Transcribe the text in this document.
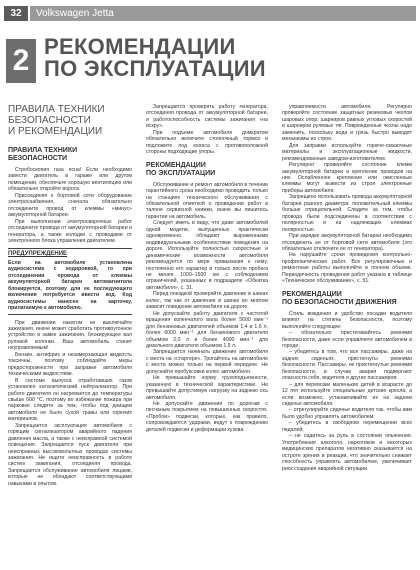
32	Volkswagen Jetta
2 РЕКОМЕНДАЦИИ
ПО ЭКСПЛУАТАЦИИ
ПРАВИЛА ТЕХНИКИ
БЕЗОПАСНОСТИ
И РЕКОМЕНДАЦИИ
ПРАВИЛА ТЕХНИКИ
БЕЗОПАСНОСТИ

Стробоскопия газа ясна! Если необходимо завести двигатель в гараже или другом помещении, обеспечьте хорошую вентиляцию или обязательно откройте ворота.

Присоединяя к бортовой сети оборудование электроснабжения, сначала обязательно отсоедините провод от клеммы «минус» аккумуляторной батареи.

При выполнении электросварочных работ отсоедините провода от аккумуляторной батареи и генератора, а также колодки с проводами от электронного блока управления двигателем.

ПРЕДУПРЕЖДЕНИЕ
Если на автомобиле установлена аудиосистема с кодировкой, то при отсоединении провода от клеммы аккумуляторной батареи автомагнитола блокируется, поэтому для ее последующего включения потребуется ввести код. Код аудиосистемы нанесен на карточку, прилагаемую к автомобилю.

При движении накатом не выключайте зажигания, иначе может сработать противоугонное устройство в замке зажигания, блокирующее вал рулевой колонки. Ваш автомобиль станет неуправляемым!

Бензин, антифриз и незамерзающая жидкость токсичны, поэтому соблюдайте меры предосторожности при заправке автомобиля техническими жидкостями.

В системе выпуска отработавших газов установлен каталитический нейтрализатор. При работе двигателя он нагревается до температуры свыше 600 °С, поэтому во избежание пожара при парковке следите за тем, чтобы под днищем автомобиля не было сухой травы или горючих материалов.

Запрещается эксплуатация автомобиля с горящим сигнализатором аварийного падения давления масла, а также с неисправной системой освещения. Запрещается пуск двигателя при неисправных высоковольтных проводах системы зажигания. Не ищите неисправность в работе систем зажигания, отсоединяя провода. Запрещается обслуживание автомобиля лицами, которые не обладают соответствующими навыками и опытом.

Запрещается проверять работу генератора, отсоединяя провода от аккумуляторной батареи, и работоспособность системы зажигания «на искру».

При подъеме автомобиля домкратом обязательно включите стояночный тормоз и подложите под колеса с противоположной стороны подходящие упоры.

РЕКОМЕНДАЦИИ
ПО ЭКСПЛУАТАЦИИ

Обслуживание и ремонт автомобиля в течение гарантийного срока необходимо проводить только на станциях технического обслуживания с обязательной отметкой о проведении работ в талоне сервисной книжки, иначе вы лишитесь гарантии на автомобиль.

Следует иметь в виду, что даже автомобилей одной модели, выпущенных практически одновременно, обладают выраженными индивидуальными особенностями поведения на дороге. Используйте полностью скоростные и динамические возможности автомобиля рекомендуется по мере привыкания к нему, постепенно его характер и только после пробега не менее 1000–1500 км с соблюдением ограничений, указанных в подразделе «Обкатка автомобиля», с. 31.

Перед поездкой проверяйте давление в шинах колес, так как от давления в шинах во многом зависит поведение автомобиля на дороге.

Не допускайте работу двигателя с частотой вращения коленчатого вала более 5600 мин⁻¹ для бензиновых двигателей объемом 1,4 и 1,6 л, более 6000 мин⁻¹ для бензинового двигателя объемом 2,0 л и более 4000 мин⁻¹ для дизельного двигателя объемом 1,9 л.

Запрещается начинать движение автомобиля с места на «стартере». Трогайтесь на автомобиле с места можно только на первой передаче. Не допускайте пробуксовки колес автомобиля.

Не превышайте норму грузоподъемности, указанную в технической характеристике. Не превышайте допустимую нагрузку на заднюю ось автомобиля.

Не допускайте движения по дорогам с песчаным покрытием на повышенных скоростях. «Пробои» подвески, которые, как правило, сопровождаются ударами, ведут к повреждению деталей подвески и деформации кузова.

управляемости автомобиля. Регулярно проверяйте состояние защитных резиновых чехлов шаровых опор, шарниров равных угловых скоростей и шарниров рулевых тяг. Поврежденные чехлы надо заменить, поскольку вода и грязь быстро выводят механизмы из строя.

Для заправки используйте горюче-смазочные материалы и эксплуатационные жидкости, рекомендованные заводом-изготовителем.

Регулярно проверяйте состояние клемм аккумуляторной батареи и крепление проводов на них. Ослабленное крепление или окисленные клеммы могут вывести из строя электронные приборы автомобиля.

Запрещено использовать провода аккумуляторной батареи разного диаметра: положительный клеммы больше отрицательной. Следите за тем, чтобы провода были подсоединены в соответствии с полярностью и на надлежащих клеммах полярностью.

При зарядке аккумуляторной батареи необходимо отсоединить ее от бортовой сети автомобиля (это обязательно отключите ее от генератора).

На нарушайте сроки проведения контрольно-профилактических работ. Все регулировочные и ремонтные работы выполняйте в полном объеме. Периодичность проведения работ указана в таблице «Техническое обслуживание», с. 51.

РЕКОМЕНДАЦИИ
ПО БЕЗОПАСНОСТИ ДВИЖЕНИЯ

Стиль вождения и удобство посадки водителя влияют на степень безопасности, поэтому выполняйте следующее:

– обязательно пристегивайтесь ремнями безопасности, даже если управляете автомобилем в городе;

– убедитесь в том, что все пассажиры, даже на задних сиденьях, пристегнуты ремнями безопасности. Пассажиры, не пристегнутые ремнями безопасности, в случае аварии подвергают опасности себя, водителя и других пассажиров;

– для перевозки маленьких детей в возрасте до 12 лет используйте специальные детские кресла, а если возможно, устанавливайте их на заднем сиденье автомобиля.

– отрегулируйте сиденье водителя так, чтобы вам было удобно управлять автомобилем;

– убедитесь в свободном перемещении всех педалей;

– не садитесь за руль в состоянии опьянения. Употребление алкоголя, наркотиков и некоторых медицинских препаратов негативно сказывается на остроте зрения и реакции, что значительно снижает способность управлять автомобилем, увеличивает риск создания аварийной ситуации.
